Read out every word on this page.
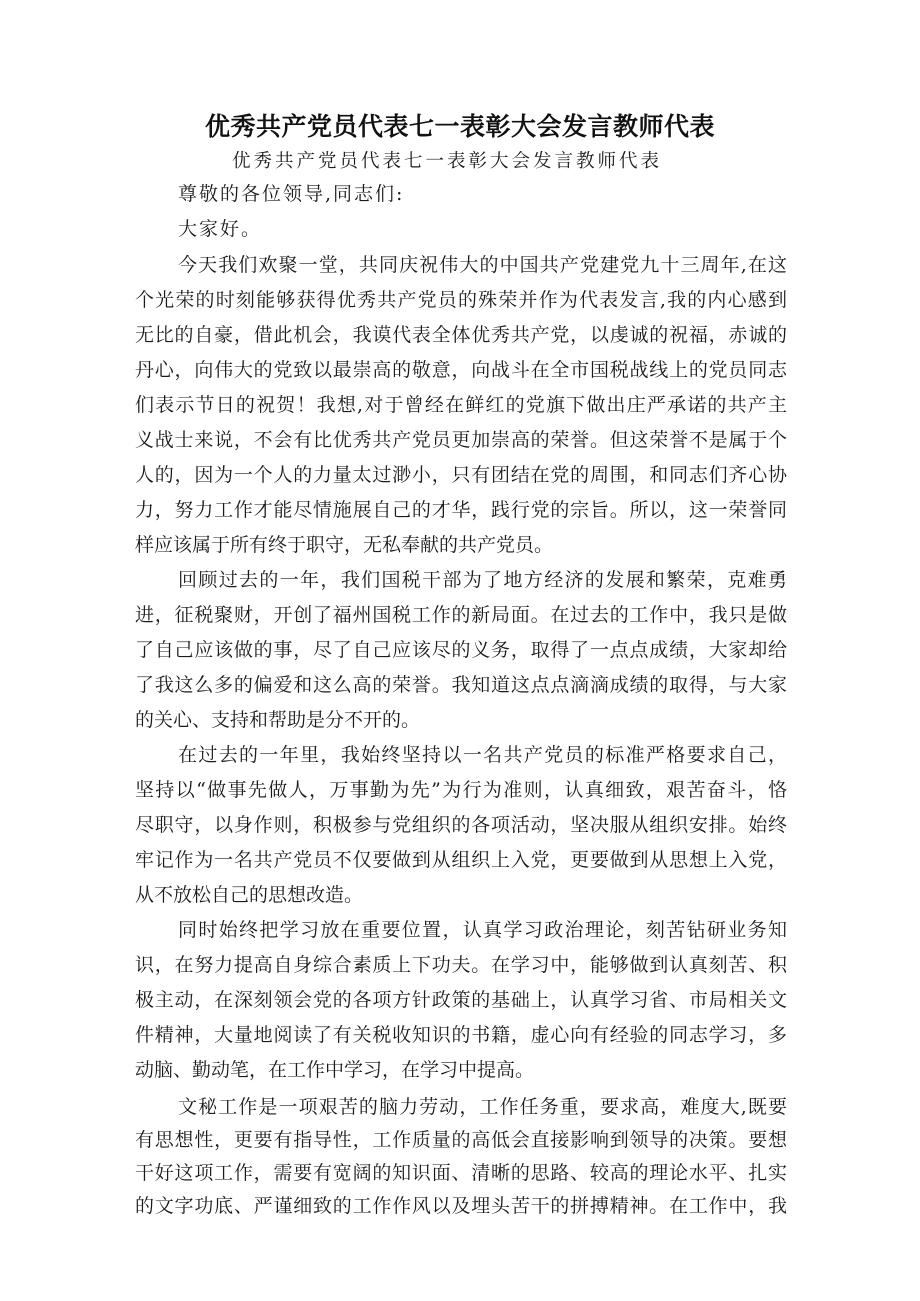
优秀共产党员代表七一表彰大会发言教师代表
优秀共产党员代表七一表彰大会发言教师代表
尊敬的各位领导,同志们:
大家好。
今天我们欢聚一堂，共同庆祝伟大的中国共产党建党九十三周年,在这
个光荣的时刻能够获得优秀共产党员的殊荣并作为代表发言,我的内心感到
无比的自豪，借此机会，我谟代表全体优秀共产党，以虔诚的祝福，赤诚的
丹心，向伟大的党致以最崇高的敬意，向战斗在全市国税战线上的党员同志
们表示节日的祝贺！我想,对于曾经在鲜红的党旗下做出庄严承诺的共产主
义战士来说，不会有比优秀共产党员更加崇高的荣誉。但这荣誉不是属于个
人的，因为一个人的力量太过渺小，只有团结在党的周围，和同志们齐心协
力，努力工作才能尽情施展自己的才华，践行党的宗旨。所以，这一荣誉同
样应该属于所有终于职守，无私奉献的共产党员。
回顾过去的一年，我们国税干部为了地方经济的发展和繁荣，克难勇
进，征税聚财，开创了福州国税工作的新局面。在过去的工作中，我只是做
了自己应该做的事，尽了自己应该尽的义务，取得了一点点成绩，大家却给
了我这么多的偏爱和这么高的荣誉。我知道这点点滴滴成绩的取得，与大家
的关心、支持和帮助是分不开的。
在过去的一年里，我始终坚持以一名共产党员的标准严格要求自己，
坚持以“做事先做人，万事勤为先”为行为准则，认真细致，艰苦奋斗，恪
尽职守，以身作则，积极参与党组织的各项活动，坚决服从组织安排。始终
牢记作为一名共产党员不仅要做到从组织上入党，更要做到从思想上入党，
从不放松自己的思想改造。
同时始终把学习放在重要位置，认真学习政治理论，刻苦钻研业务知
识，在努力提高自身综合素质上下功夫。在学习中，能够做到认真刻苦、积
极主动，在深刻领会党的各项方针政策的基础上，认真学习省、市局相关文
件精神，大量地阅读了有关税收知识的书籍，虚心向有经验的同志学习，多
动脑、勤动笔，在工作中学习，在学习中提高。
文秘工作是一项艰苦的脑力劳动，工作任务重，要求高，难度大,既要
有思想性，更要有指导性，工作质量的高低会直接影响到领导的决策。要想
干好这项工作，需要有宽阔的知识面、清晰的思路、较高的理论水平、扎实
的文字功底、严谨细致的工作作风以及埋头苦干的拼搏精神。在工作中，我
